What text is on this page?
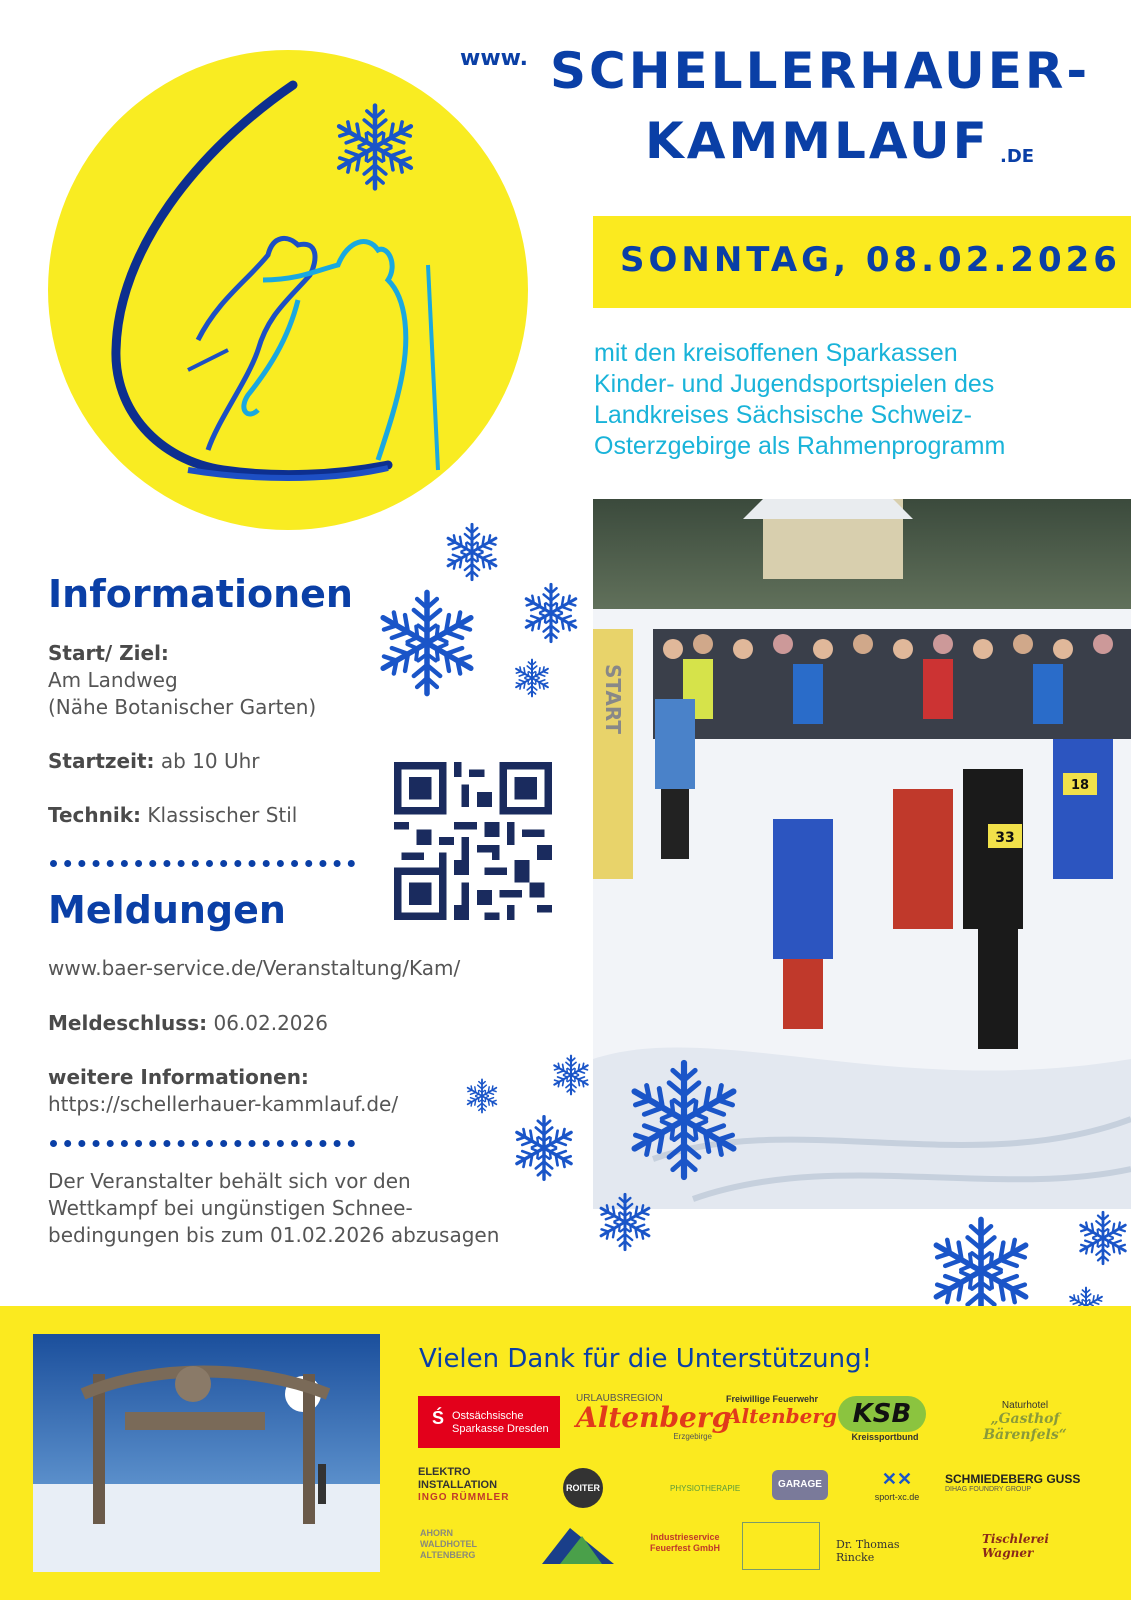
www. SCHELLERHAUER-
KAMMLAUF .DE
SONNTAG, 08.02.2026
mit den kreisoffenen Sparkassen
Kinder- und Jugendsportspielen des
Landkreises Sächsische Schweiz-
Osterzgebirge als Rahmenprogramm
33
18
START
Informationen
Start/ Ziel:
Am Landweg
(Nähe Botanischer Garten)
Startzeit: ab 10 Uhr
Technik: Klassischer Stil
Meldungen
www.baer-service.de/Veranstaltung/Kam/
Meldeschluss: 06.02.2026
weitere Informationen:
https://schellerhauer-kammlauf.de/
Der Veranstalter behält sich vor den
Wettkampf bei ungünstigen Schnee-
bedingungen bis zum 01.02.2026 abzusagen
Vielen Dank für die Unterstützung!
Ś Ostsächsische
Sparkasse Dresden
URLAUBSREGION
Altenberg
Erzgebirge
Freiwillige Feuerwehr
Altenberg KSB
Kreissportbund
Naturhotel
„Gasthof Bärenfels“
ELEKTRO
INSTALLATION
INGO RÜMMLER
ROITER	PHYSIOTHERAPIE	GARAGE	✕✕
sport-xc.de
SCHMIEDEBERG GUSS
DIHAG FOUNDRY GROUP
AHORN
WALDHOTEL
ALTENBERG
Industrieservice
Feuerfest GmbH	Dr. Thomas Rincke
Tischlerei Wagner
